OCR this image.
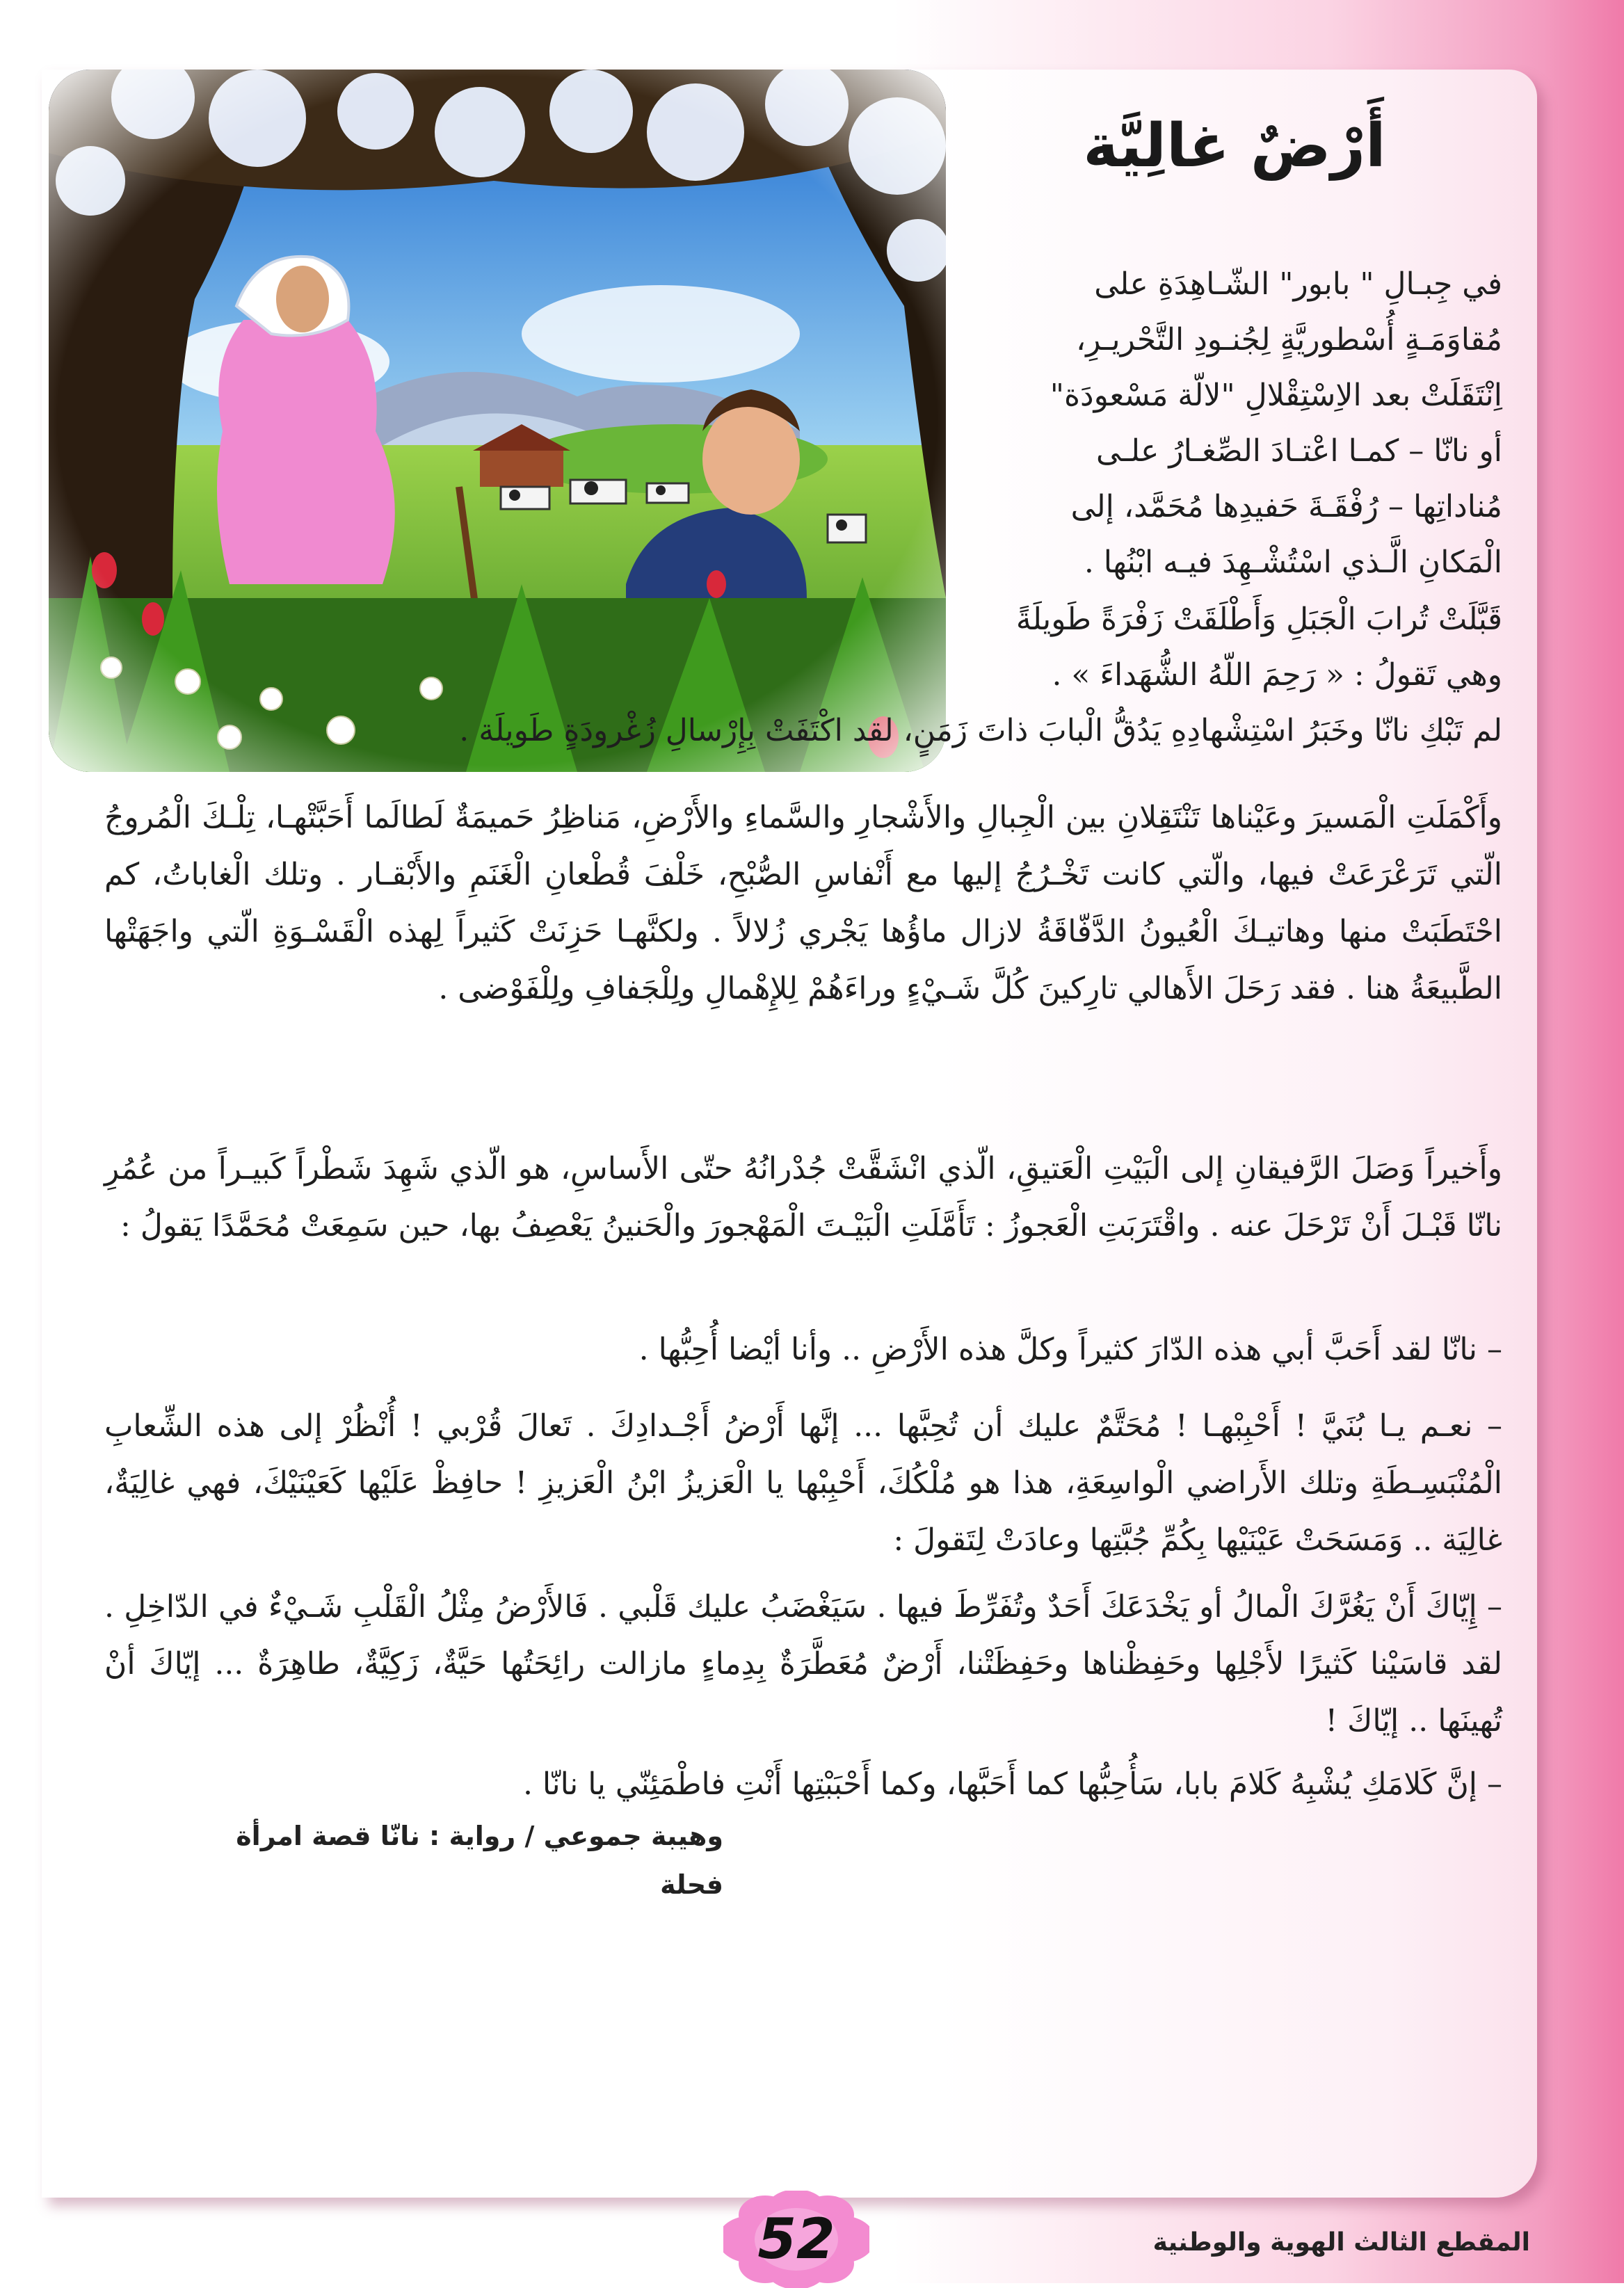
أَرْضٌ غالِيَّة
في جِبـالِ " بابور" الشّـاهِدَةِ على
مُقاوَمَـةٍ أُسْطوريَّةٍ لِجُنـودِ التَّحْريـرِ،
اِنْتَقَلَتْ بعد الاِسْتِقْلالِ "لالّة مَسْعودَة"
أو نانّا – كمـا اعْتـادَ الصِّغـارُ علـى
مُناداتِها – رُفْقَـةَ حَفيدِها مُحَمَّد، إلى
الْمَكانِ الَّـذي اسْتُشْـهِدَ فيـه ابْنُها .
قَبَّلَتْ تُرابَ الْجَبَلِ وَأَطْلَقَتْ زَفْرَةً طَويلَةً
وهي تَقولُ : « رَحِمَ اللّهُ الشُّهَداءَ » .
لم تَبْكِ نانّا وخَبَرُ اسْتِشْهادِهِ يَدُقُّ الْبابَ ذاتَ زَمَنٍ، لقد اكْتَفَتْ بِإِرْسالِ زُغْرودَةٍ طَويلَة .
وأَكْمَلَتِ الْمَسيرَ وعَيْناها تَنْتَقِلانِ بين الْجِبالِ والأَشْجارِ والسَّماءِ والأَرْضِ، مَناظِرُ حَميمَةٌ لَطالَما أَحَبَّتْهـا، تِلْـكَ الْمُروجُ الّتي تَرَعْرَعَتْ فيها، والّتي كانت تَخْـرُجُ إليها مع أَنْفاسِ الصُّبْحِ، خَلْفَ قُطْعانِ الْغَنَمِ والأَبْقـار . وتلك الْغاباتُ، كم احْتَطَبَتْ منها وهاتيـكَ الْعُيونُ الدَّفّاقَةُ لازال ماؤُها يَجْري زُلالاً . ولكنَّهـا حَزِنَتْ كَثيراً لِهذه الْقَسْـوَةِ الّتي واجَهَتْها الطَّبيعَةُ هنا . فقد رَحَلَ الأَهالي تارِكينَ كُلَّ شَـيْءٍ وراءَهُمْ لِلإِهْمالِ ولِلْجَفافِ ولِلْفَوْضى .
وأَخيراً وَصَلَ الرَّفيقانِ إلى الْبَيْتِ الْعَتيقِ، الّذي انْشَقَّتْ جُدْرانُهُ حتّى الأَساسِ، هو الّذي شَهِدَ شَطْراً كَبيـراً من عُمُرِ نانّا قَبْـلَ أَنْ تَرْحَلَ عنه . واقْتَرَبَتِ الْعَجوزُ : تَأَمَّلَتِ الْبَيْـتَ الْمَهْجورَ والْحَنينُ يَعْصِفُ بها، حين سَمِعَتْ مُحَمَّدًا يَقولُ :
– نانّا لقد أَحَبَّ أبي هذه الدّارَ كثيراً وكلَّ هذه الأَرْضِ .. وأنا أيْضا أُحِبُّها .
– نعـم يـا بُنَيَّ ! أَحْبِبْهـا ! مُحَتَّمٌ عليك أن تُحِبَّها ... إنَّها أَرْضُ أَجْـدادِكَ . تَعالَ قُرْبي ! أُنْظُرْ إلى هذه الشِّعابِ الْمُنْبَسِـطَةِ وتلك الأَراضي الْواسِعَةِ، هذا هو مُلْكُكَ، أَحْبِبْها يا الْعَزيزُ ابْنُ الْعَزيزِ ! حافِظْ عَلَيْها كَعَيْنَيْكَ، فهي غالِيَةٌ، غالِيَة .. وَمَسَحَتْ عَيْنَيْها بِكُمِّ جُبَّتِها وعادَتْ لِتَقولَ :
– إِيّاكَ أَنْ يَغُرَّكَ الْمالُ أو يَخْدَعَكَ أَحَدٌ وتُفَرِّطَ فيها . سَيَغْضَبُ عليك قَلْبي . فَالأَرْضُ مِثْلُ الْقَلْبِ شَـيْءٌ في الدّاخِلِ . لقد قاسَيْنا كَثيرًا لأَجْلِها وحَفِظْناها وحَفِظَتْنا، أَرْضٌ مُعَطَّرَةٌ بِدِماءٍ مازالت رائِحَتُها حَيَّةٌ، زَكِيَّةٌ، طاهِرَةٌ ... إيّاكَ أنْ تُهينَها .. إيّاكَ !
– إنَّ كَلامَكِ يُشْبِهُ كَلامَ بابا، سَأُحِبُّها كما أَحَبَّها، وكما أَحْبَبْتِها أَنْتِ فاطْمَئِنّي يا نانّا .
وهيبة جموعي / رواية : نانّا قصة امرأة فحلة
52	المقطع الثالث الهوية والوطنية
